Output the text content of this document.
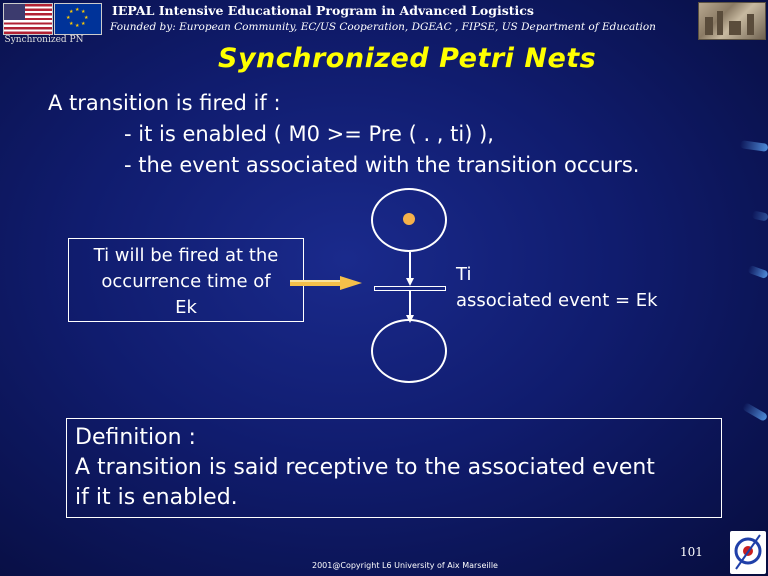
★ ★
★
★
★
★
★
★
Synchronized PN
IEPAL Intensive Educational Program in Advanced Logistics
Founded by: European Community, EC/US Cooperation, DGEAC , FIPSE, US Department of Education
Synchronized Petri Nets
A transition is fired if :
- it is enabled ( M0 >= Pre ( . , ti) ),
- the event associated with the transition occurs.
Ti will be fired at the
occurrence time of
Ek
Ti
associated event = Ek
Definition :
A transition is said receptive to the associated event
if it is enabled.
101
2001@Copyright L6 University of Aix Marseille
